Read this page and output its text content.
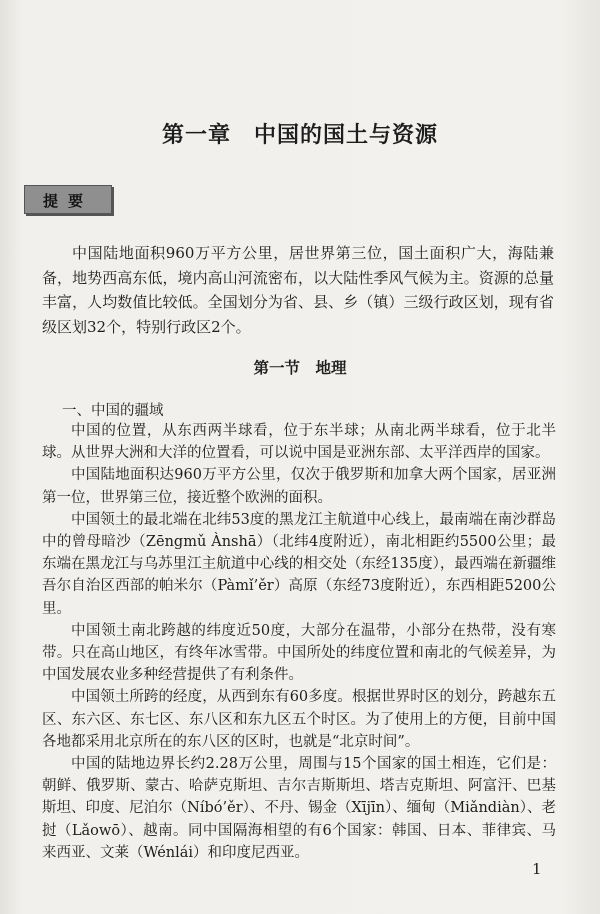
第一章　中国的国土与资源
提要
中国陆地面积960万平方公里，居世界第三位，国土面积广大，海陆兼备，地势西高东低，境内高山河流密布，以大陆性季风气候为主。资源的总量丰富，人均数值比较低。全国划分为省、县、乡（镇）三级行政区划，现有省级区划32个，特别行政区2个。
第一节　地理
一、中国的疆域

中国的位置，从东西两半球看，位于东半球；从南北两半球看，位于北半球。从世界大洲和大洋的位置看，可以说中国是亚洲东部、太平洋西岸的国家。

中国陆地面积达960万平方公里，仅次于俄罗斯和加拿大两个国家，居亚洲第一位，世界第三位，接近整个欧洲的面积。

中国领土的最北端在北纬53度的黑龙江主航道中心线上，最南端在南沙群岛中的曾母暗沙（Zēngmǔ Ànshā）（北纬4度附近），南北相距约5500公里；最东端在黑龙江与乌苏里江主航道中心线的相交处（东经135度），最西端在新疆维吾尔自治区西部的帕米尔（Pàmǐ’ěr）高原（东经73度附近），东西相距5200公里。

中国领土南北跨越的纬度近50度，大部分在温带，小部分在热带，没有寒带。只在高山地区，有终年冰雪带。中国所处的纬度位置和南北的气候差异，为中国发展农业多种经营提供了有利条件。

中国领土所跨的经度，从西到东有60多度。根据世界时区的划分，跨越东五区、东六区、东七区、东八区和东九区五个时区。为了使用上的方便，目前中国各地都采用北京所在的东八区的区时，也就是“北京时间”。

中国的陆地边界长约2.28万公里，周围与15个国家的国土相连，它们是：朝鲜、俄罗斯、蒙古、哈萨克斯坦、吉尔吉斯斯坦、塔吉克斯坦、阿富汗、巴基斯坦、印度、尼泊尔（Níbó’ěr）、不丹、锡金（Xījīn）、缅甸（Miǎndiàn）、老挝（Lǎowō）、越南。同中国隔海相望的有6个国家：韩国、日本、菲律宾、马来西亚、文莱（Wénlái）和印度尼西亚。

1
